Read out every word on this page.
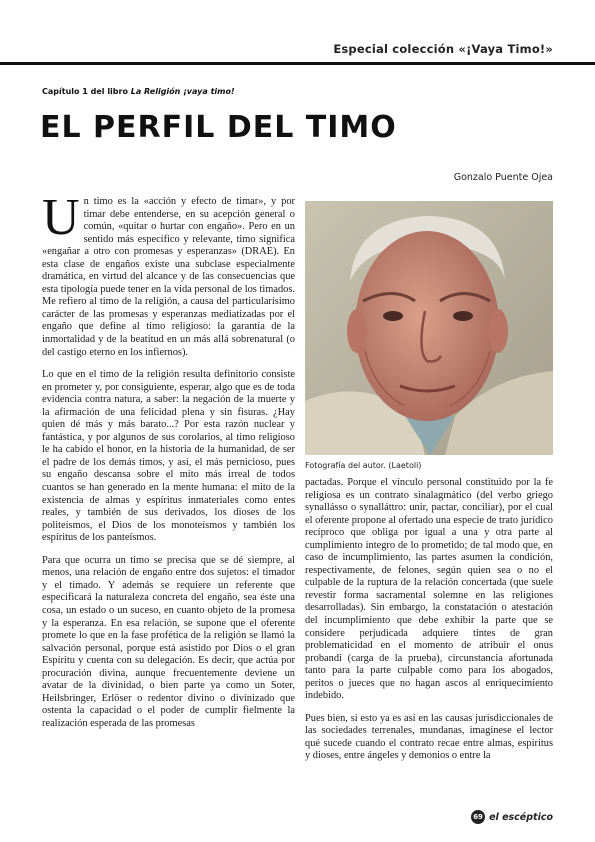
Especial colección «¡Vaya Timo!»
Capítulo 1 del libro La Religión ¡vaya timo!
EL PERFIL DEL TIMO
Gonzalo Puente Ojea

Un timo es la «acción y efecto de timar», y por timar debe entenderse, en su acepción general o común, «quitar o hurtar con engaño». Pero en un sentido más específico y relevante, timo significa «engañar a otro con promesas y esperanzas» (DRAE). En esta clase de engaños existe una subclase especialmente dramática, en virtud del alcance y de las consecuencias que esta tipología puede tener en la vida personal de los timados. Me refiero al timo de la religión, a causa del particularísimo carácter de las promesas y esperanzas mediatizadas por el engaño que define al timo religioso: la garantía de la inmortalidad y de la beatitud en un más allá sobrenatural (o del castigo eterno en los infiernos).

Lo que en el timo de la religión resulta definitorio consiste en prometer y, por consiguiente, esperar, algo que es de toda evidencia contra natura, a saber: la negación de la muerte y la afirmación de una felicidad plena y sin fisuras. ¿Hay quien dé más y más barato...? Por esta razón nuclear y fantástica, y por algunos de sus corolarios, al timo religioso le ha cabido el honor, en la historia de la humanidad, de ser el padre de los demás timos, y así, el más pernicioso, pues su engaño descansa sobre el mito más irreal de todos cuantos se han generado en la mente humana: el mito de la existencia de almas y espíritus inmateriales como entes reales, y también de sus derivados, los dioses de los politeísmos, el Dios de los monoteísmos y también los espíritus de los panteísmos.

Para que ocurra un timo se precisa que se dé siempre, al menos, una relación de engaño entre dos sujetos: el timador y el timado. Y además se requiere un referente que especificará la naturaleza concreta del engaño, sea éste una cosa, un estado o un suceso, en cuanto objeto de la promesa y la esperanza. En esa relación, se supone que el oferente promete lo que en la fase profética de la religión se llamó la salvación personal, porque está asistido por Dios o el gran Espíritu y cuenta con su delegación. Es decir, que actúa por procuración divina, aunque frecuentemente deviene un avatar de la divinidad, o bien parte ya como un Soter, Heilsbringer, Erlöser o redentor divino o divinizado que ostenta la capacidad o el poder de cumplir fielmente la realización esperada de las promesas

Fotografía del autor. (Laetoli)

pactadas. Porque el vínculo personal constituido por la fe religiosa es un contrato sinalagmático (del verbo griego synallásso o synalláttro: unir, pactar, conciliar), por el cual el oferente propone al ofertado una especie de trato jurídico recíproco que obliga por igual a una y otra parte al cumplimiento íntegro de lo prometido; de tal modo que, en caso de incumplimiento, las partes asumen la condición, respectivamente, de felones, según quien sea o no el culpable de la ruptura de la relación concertada (que suele revestir forma sacramental solemne en las religiones desarrolladas). Sin embargo, la constatación o atestación del incumplimiento que debe exhibir la parte que se considere perjudicada adquiere tintes de gran problematicidad en el momento de atribuir el onus probandi (carga de la prueba), circunstancia afortunada tanto para la parte culpable como para los abogados, peritos o jueces que no hagan ascos al enriquecimiento indebido.

Pues bien, si esto ya es así en las causas jurisdiccionales de las sociedades terrenales, mundanas, imagínese el lector qué sucede cuando el contrato recae entre almas, espíritus y dioses, entre ángeles y demonios o entre la

69 el escéptico
